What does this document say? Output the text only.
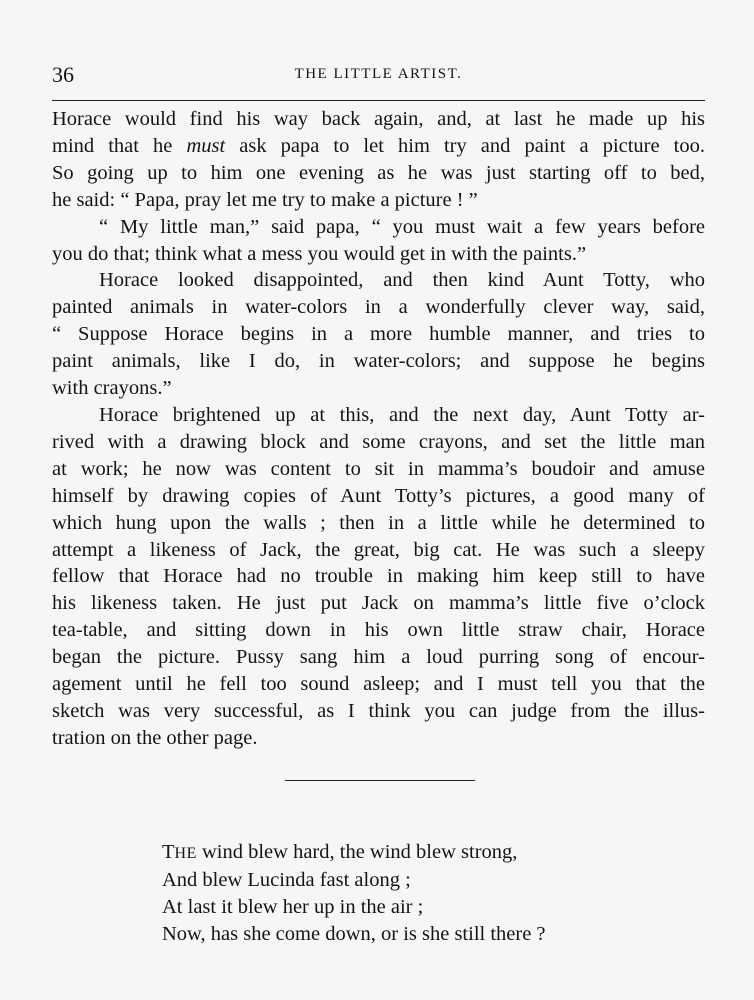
36	THE LITTLE ARTIST.
Horace would find his way back again, and, at last he made up his
mind that he must ask papa to let him try and paint a picture too.
So going up to him one evening as he was just starting off to bed,
he said: “ Papa, pray let me try to make a picture ! ”
“ My little man,” said papa, “ you must wait a few years before
you do that; think what a mess you would get in with the paints.”
Horace looked disappointed, and then kind Aunt Totty, who
painted animals in water-colors in a wonderfully clever way, said,
“ Suppose Horace begins in a more humble manner, and tries to
paint animals, like I do, in water-colors; and suppose he begins
with crayons.”
Horace brightened up at this, and the next day, Aunt Totty ar-
rived with a drawing block and some crayons, and set the little man
at work; he now was content to sit in mamma’s boudoir and amuse
himself by drawing copies of Aunt Totty’s pictures, a good many of
which hung upon the walls ; then in a little while he determined to
attempt a likeness of Jack, the great, big cat. He was such a sleepy
fellow that Horace had no trouble in making him keep still to have
his likeness taken. He just put Jack on mamma’s little five o’clock
tea-table, and sitting down in his own little straw chair, Horace
began the picture. Pussy sang him a loud purring song of encour-
agement until he fell too sound asleep; and I must tell you that the
sketch was very successful, as I think you can judge from the illus-
tration on the other page.
THE wind blew hard, the wind blew strong,
And blew Lucinda fast along ;
At last it blew her up in the air ;
Now, has she come down, or is she still there ?
